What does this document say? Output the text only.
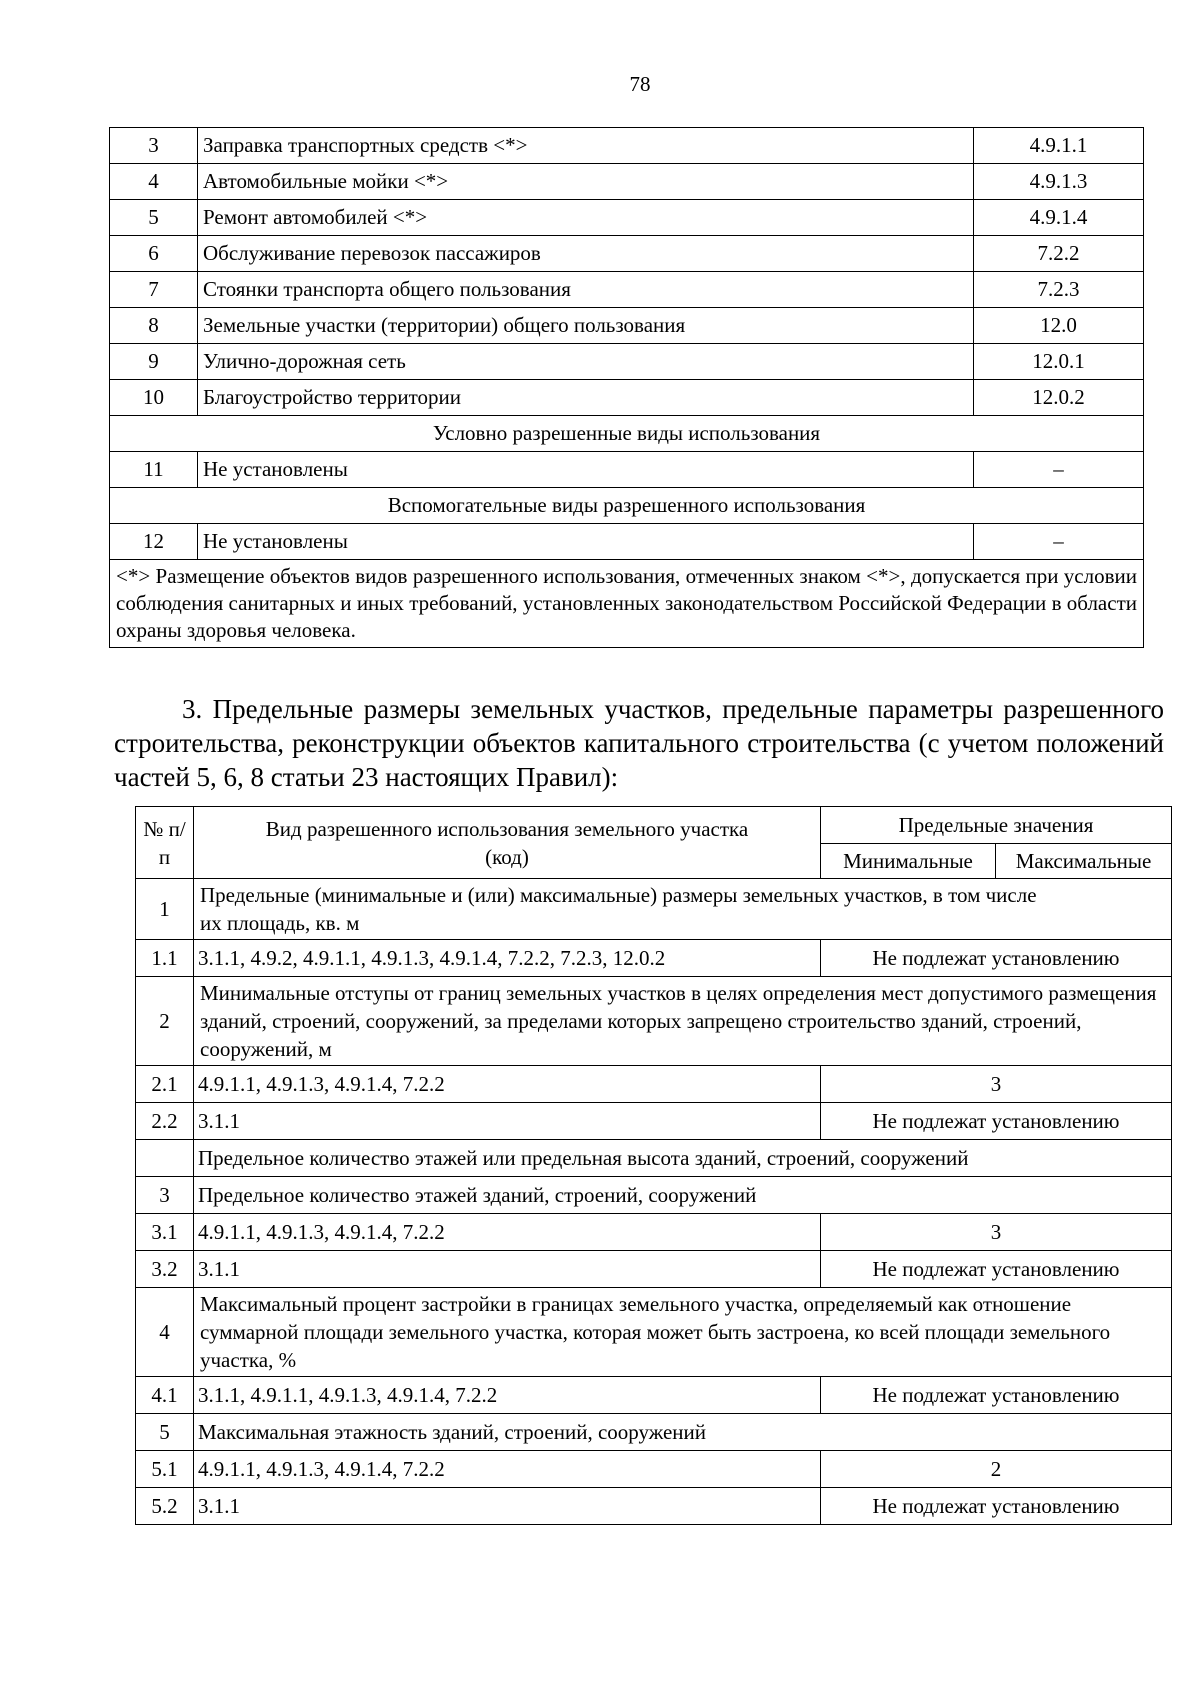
78
3	Заправка транспортных средств <*>	4.9.1.1
4	Автомобильные мойки <*>	4.9.1.3
5	Ремонт автомобилей <*>	4.9.1.4
6	Обслуживание перевозок пассажиров	7.2.2
7	Стоянки транспорта общего пользования	7.2.3
8	Земельные участки (территории) общего пользования	12.0
9	Улично-дорожная сеть	12.0.1
10	Благоустройство территории	12.0.2
Условно разрешенные виды использования		
11	Не установлены	–
Вспомогательные виды разрешенного использования		
12	Не установлены	–
<*> Размещение объектов видов разрешенного использования, отмеченных знаком <*>, допускается при условии соблюдения санитарных и иных требований, установленных законодательством Российской Федерации в области охраны здоровья человека.		
3. Предельные размеры земельных участков, предельные параметры разрешенного строительства, реконструкции объектов капитального строительства (с учетом положений частей 5, 6, 8 статьи 23 настоящих Правил):
№ п/п	Вид разрешенного использования земельного участка (код)	Предельные значения	
		Минимальные	Максимальные
1	Предельные (минимальные и (или) максимальные) размеры земельных участков, в том числе их площадь, кв. м		
1.1	3.1.1, 4.9.2, 4.9.1.1, 4.9.1.3, 4.9.1.4, 7.2.2, 7.2.3, 12.0.2	Не подлежат установлению	
2	Минимальные отступы от границ земельных участков в целях определения мест допустимого размещения зданий, строений, сооружений, за пределами которых запрещено строительство зданий, строений, сооружений, м		
2.1	4.9.1.1, 4.9.1.3, 4.9.1.4, 7.2.2	3	
2.2	3.1.1	Не подлежат установлению	
	Предельное количество этажей или предельная высота зданий, строений, сооружений		
3	Предельное количество этажей зданий, строений, сооружений		
3.1	4.9.1.1, 4.9.1.3, 4.9.1.4, 7.2.2	3	
3.2	3.1.1	Не подлежат установлению	
4	Максимальный процент застройки в границах земельного участка, определяемый как отношение суммарной площади земельного участка, которая может быть застроена, ко всей площади земельного участка, %		
4.1	3.1.1, 4.9.1.1, 4.9.1.3, 4.9.1.4, 7.2.2	Не подлежат установлению	
5	Максимальная этажность зданий, строений, сооружений		
5.1	4.9.1.1, 4.9.1.3, 4.9.1.4, 7.2.2	2	
5.2	3.1.1	Не подлежат установлению	
